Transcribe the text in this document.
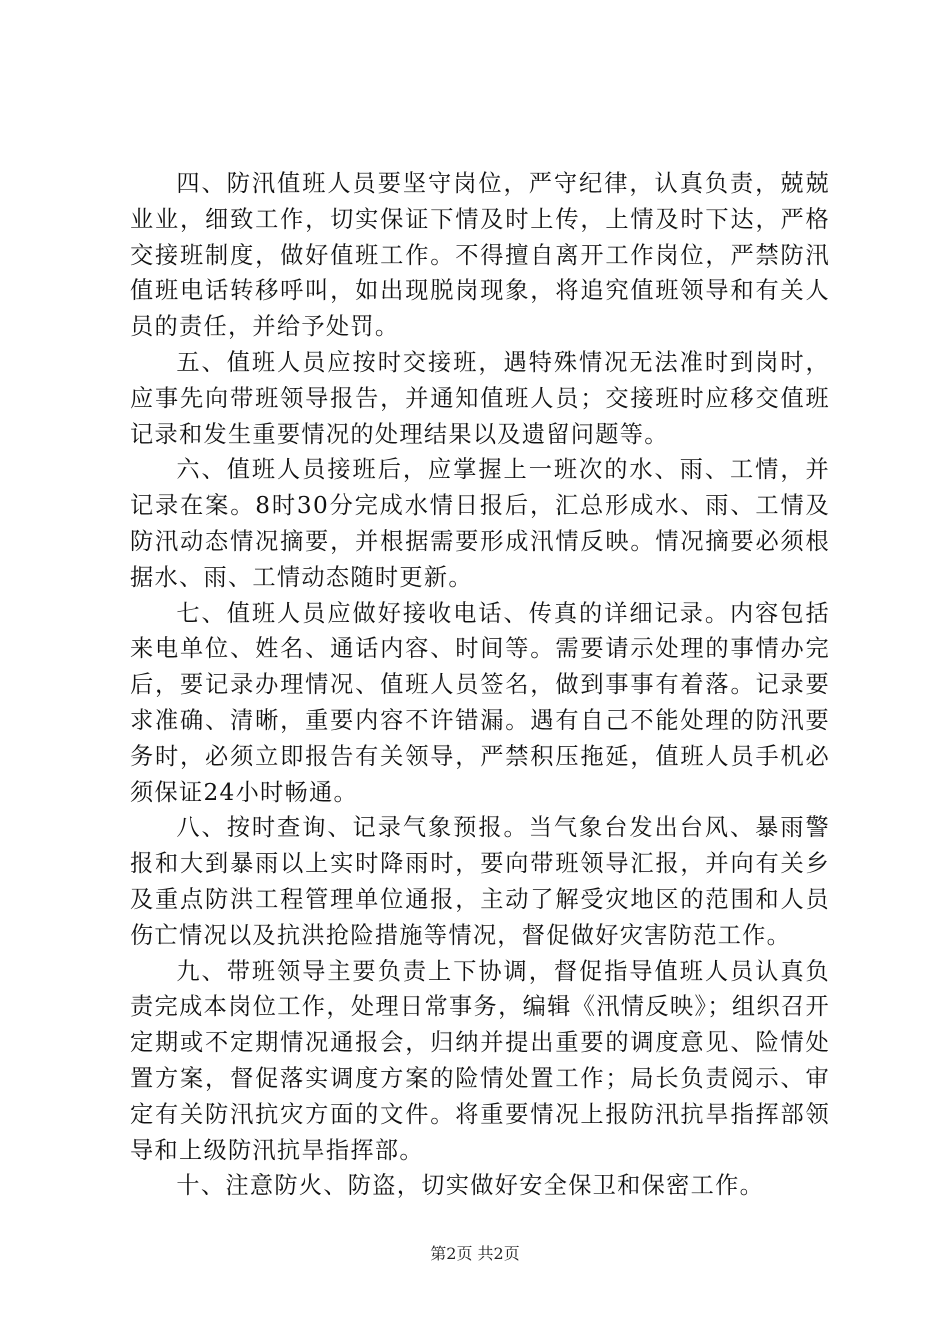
四、防汛值班人员要坚守岗位，严守纪律，认真负责，兢兢业业，细致工作，切实保证下情及时上传，上情及时下达，严格交接班制度，做好值班工作。不得擅自离开工作岗位，严禁防汛值班电话转移呼叫，如出现脱岗现象，将追究值班领导和有关人员的责任，并给予处罚。

五、值班人员应按时交接班，遇特殊情况无法准时到岗时，应事先向带班领导报告，并通知值班人员；交接班时应移交值班记录和发生重要情况的处理结果以及遗留问题等。

六、值班人员接班后，应掌握上一班次的水、雨、工情，并记录在案。8时30分完成水情日报后，汇总形成水、雨、工情及防汛动态情况摘要，并根据需要形成汛情反映。情况摘要必须根据水、雨、工情动态随时更新。

七、值班人员应做好接收电话、传真的详细记录。内容包括来电单位、姓名、通话内容、时间等。需要请示处理的事情办完后，要记录办理情况、值班人员签名，做到事事有着落。记录要求准确、清晰，重要内容不许错漏。遇有自己不能处理的防汛要务时，必须立即报告有关领导，严禁积压拖延，值班人员手机必须保证24小时畅通。

八、按时查询、记录气象预报。当气象台发出台风、暴雨警报和大到暴雨以上实时降雨时，要向带班领导汇报，并向有关乡及重点防洪工程管理单位通报，主动了解受灾地区的范围和人员伤亡情况以及抗洪抢险措施等情况，督促做好灾害防范工作。

九、带班领导主要负责上下协调，督促指导值班人员认真负责完成本岗位工作，处理日常事务，编辑《汛情反映》；组织召开定期或不定期情况通报会，归纳并提出重要的调度意见、险情处置方案，督促落实调度方案的险情处置工作；局长负责阅示、审定有关防汛抗灾方面的文件。将重要情况上报防汛抗旱指挥部领导和上级防汛抗旱指挥部。

十、注意防火、防盗，切实做好安全保卫和保密工作。

第2页 共2页
